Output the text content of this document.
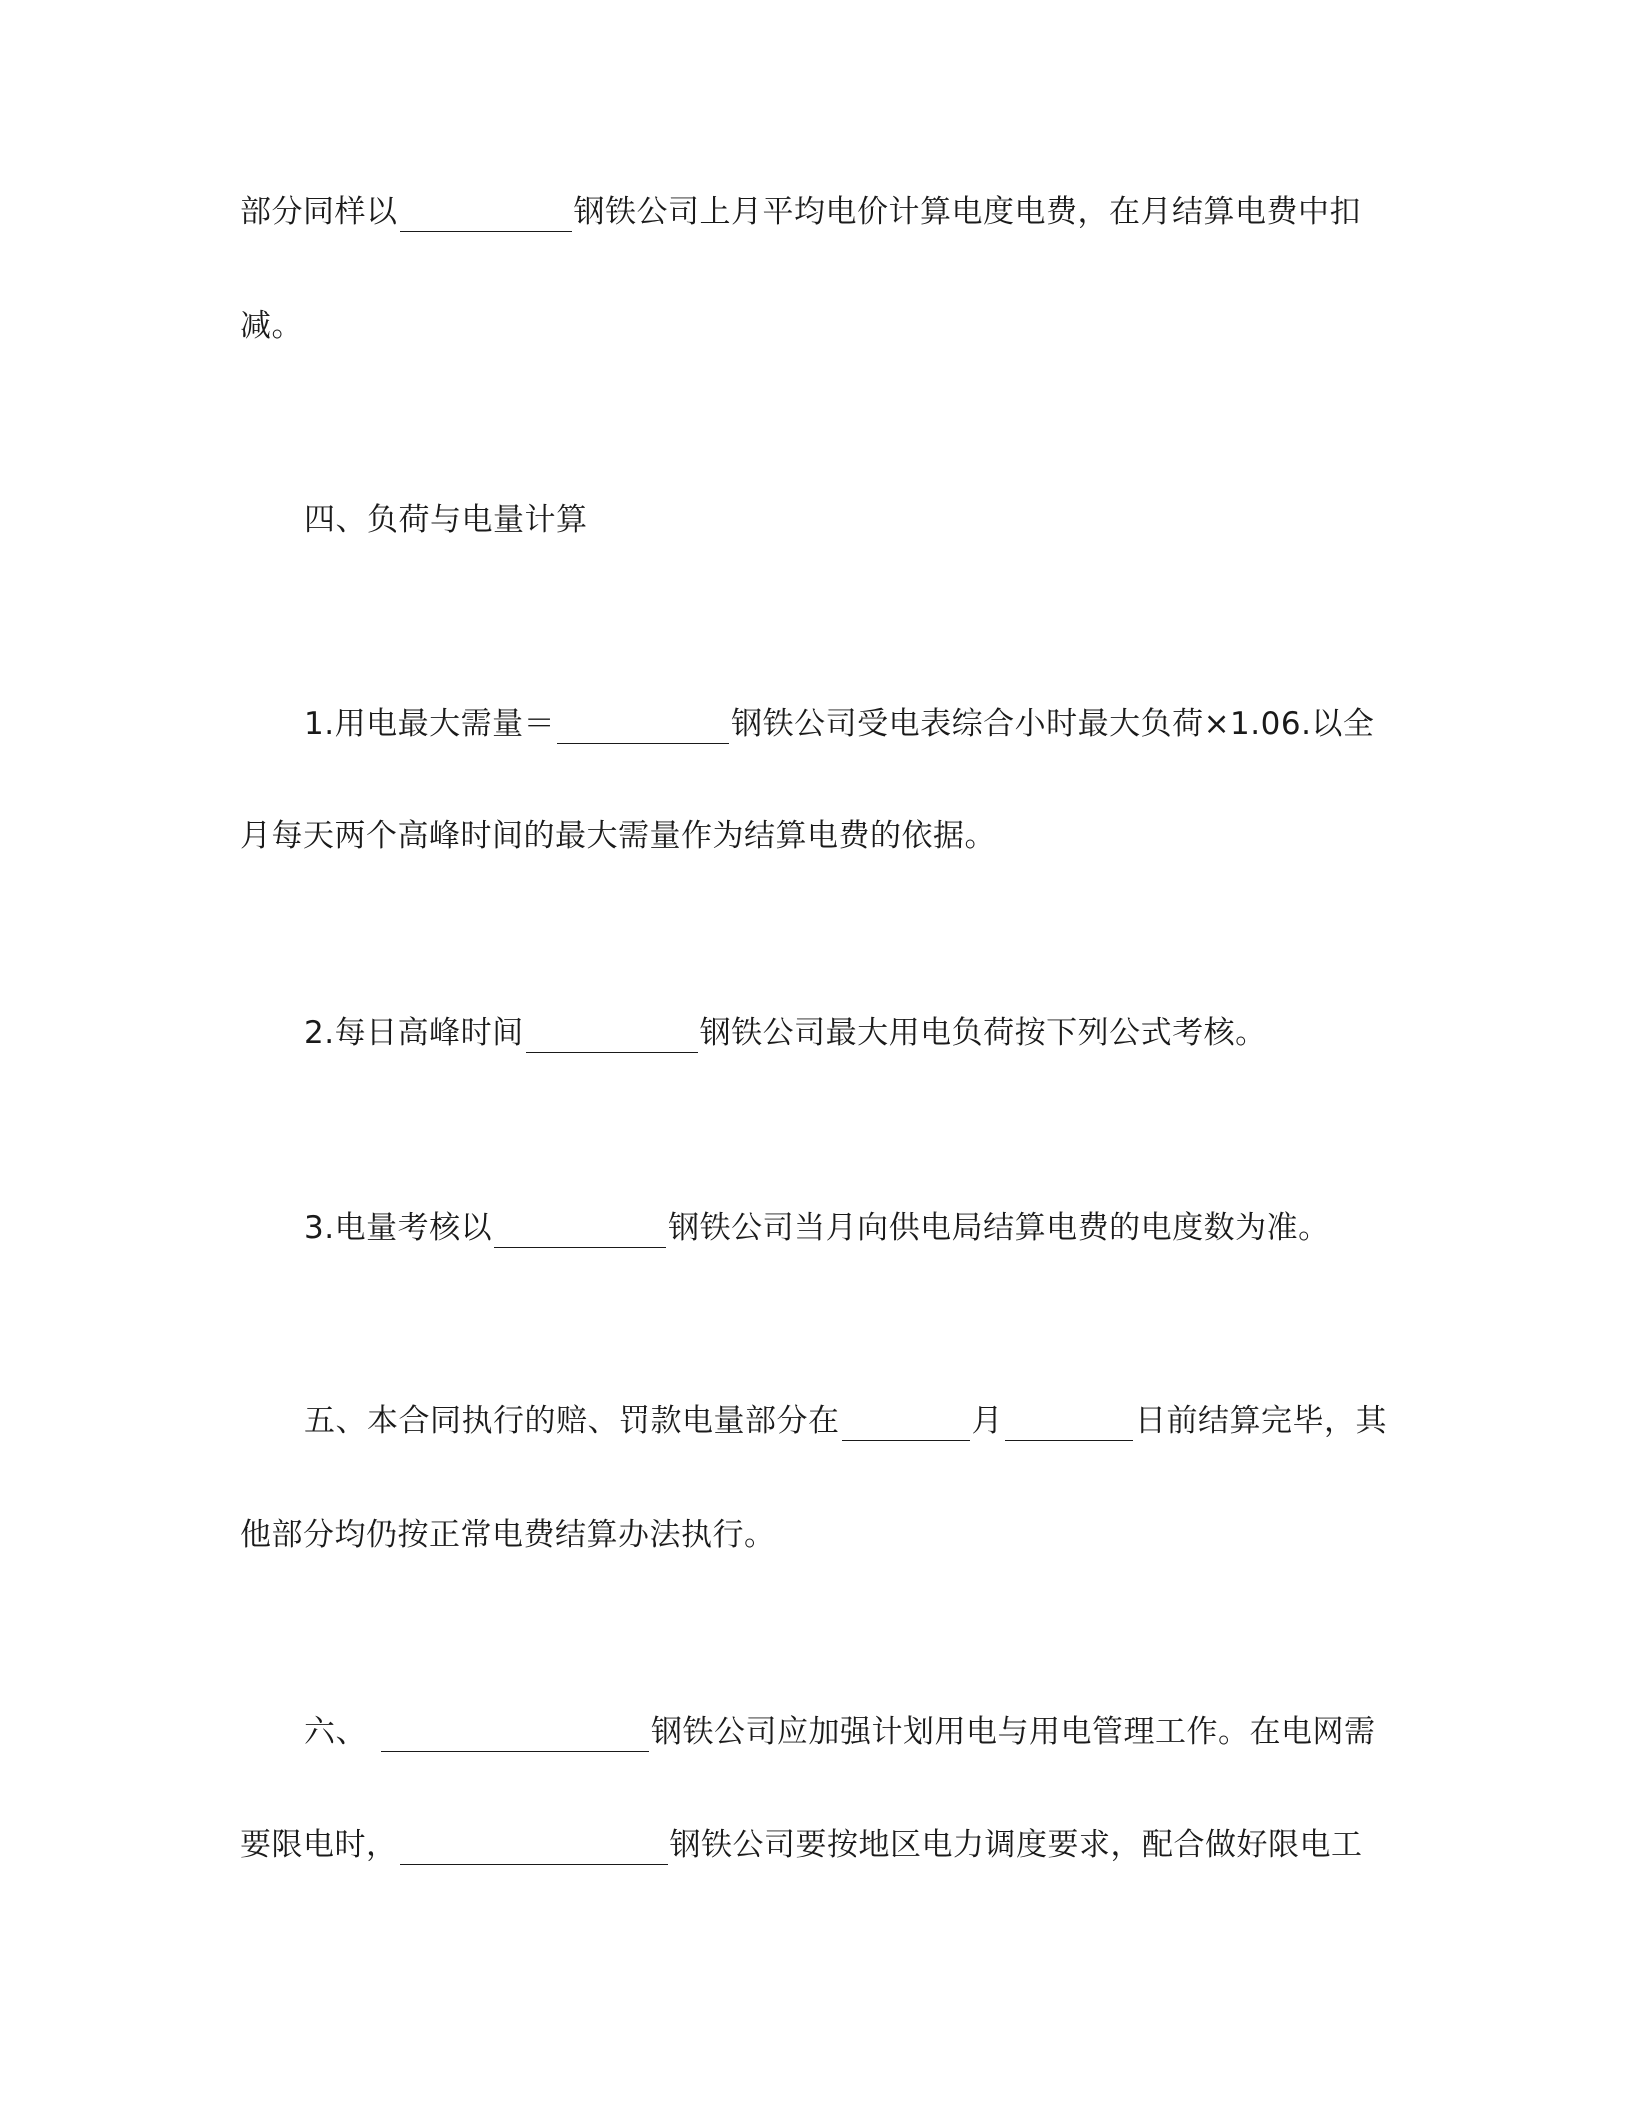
部分同样以	钢铁公司上月平均电价计算电度电费，在月结算电费中扣
减。
四、负荷与电量计算
1.用电最大需量＝	钢铁公司受电表综合小时最大负荷×1.06.以全
月每天两个高峰时间的最大需量作为结算电费的依据。
2.每日高峰时间	钢铁公司最大用电负荷按下列公式考核。
3.电量考核以	钢铁公司当月向供电局结算电费的电度数为准。
五、本合同执行的赔、罚款电量部分在	月	日前结算完毕，其
他部分均仍按正常电费结算办法执行。
六、	钢铁公司应加强计划用电与用电管理工作。在电网需
要限电时，	钢铁公司要按地区电力调度要求，配合做好限电工
